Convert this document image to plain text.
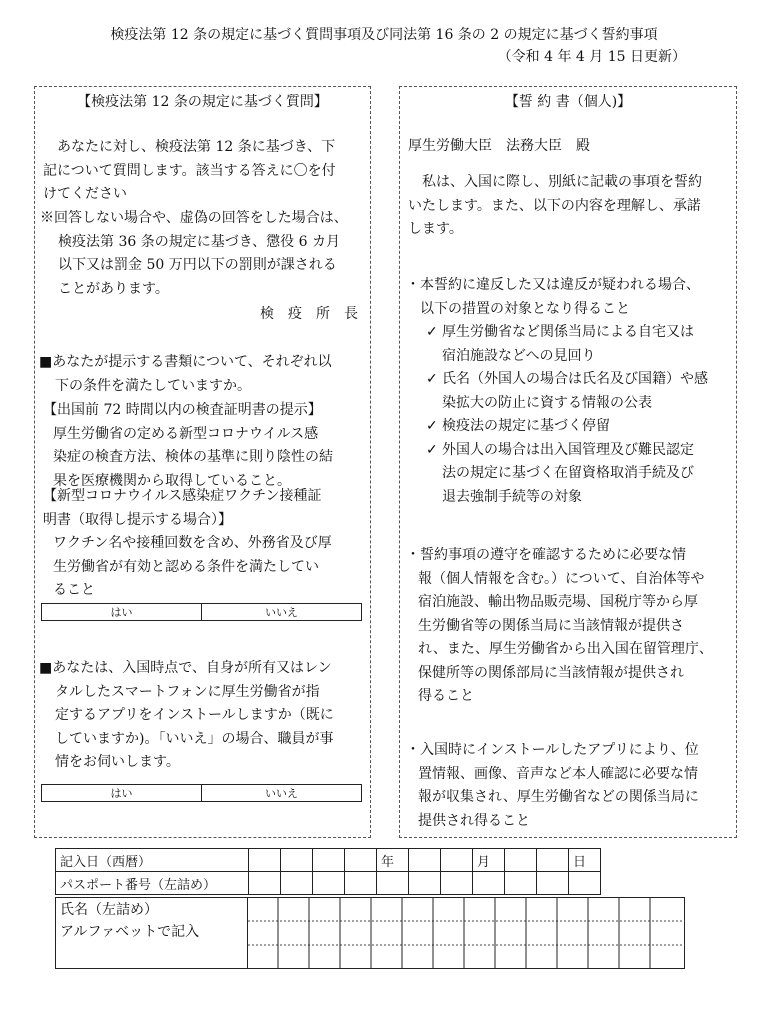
検疫法第 12 条の規定に基づく質問事項及び同法第 16 条の 2 の規定に基づく誓約事項
（令和 4 年 4 月 15 日更新）
【検疫法第 12 条の規定に基づく質問】
あなたに対し、検疫法第 12 条に基づき、下
記について質問します。該当する答えに〇を付
けてください
※回答しない場合や、虚偽の回答をした場合は、
検疫法第 36 条の規定に基づき、懲役 6 カ月
以下又は罰金 50 万円以下の罰則が課される
ことがあります。
検　疫　所　長
■あなたが提示する書類について、それぞれ以
下の条件を満たしていますか。
【出国前 72 時間以内の検査証明書の提示】
厚生労働省の定める新型コロナウイルス感
染症の検査方法、検体の基準に則り陰性の結
果を医療機関から取得していること。
【新型コロナウイルス感染症ワクチン接種証
明書（取得し提示する場合）】
ワクチン名や接種回数を含め、外務省及び厚
生労働省が有効と認める条件を満たしてい
ること
はい	いいえ
■あなたは、入国時点で、自身が所有又はレン
タルしたスマートフォンに厚生労働省が指
定するアプリをインストールしますか（既に
していますか)。「いいえ」の場合、職員が事
情をお伺いします。
はい	いいえ
【誓 約 書（個人)】
厚生労働大臣　法務大臣　殿
私は、入国に際し、別紙に記載の事項を誓約
いたします。また、以下の内容を理解し、承諾
します。
・本誓約に違反した又は違反が疑われる場合、
以下の措置の対象となり得ること
✓ 厚生労働省など関係当局による自宅又は
宿泊施設などへの見回り
✓ 氏名（外国人の場合は氏名及び国籍）や感
染拡大の防止に資する情報の公表
✓ 検疫法の規定に基づく停留
✓ 外国人の場合は出入国管理及び難民認定
法の規定に基づく在留資格取消手続及び
退去強制手続等の対象
・誓約事項の遵守を確認するために必要な情
報（個人情報を含む。）について、自治体等や
宿泊施設、輸出物品販売場、国税庁等から厚
生労働省等の関係当局に当該情報が提供さ
れ、また、厚生労働省から出入国在留管理庁、
保健所等の関係部局に当該情報が提供され
得ること
・入国時にインストールしたアプリにより、位
置情報、画像、音声など本人確認に必要な情
報が収集され、厚生労働省などの関係当局に
提供され得ること
記入日（西暦）					年			月			日
パスポート番号（左詰め）											
氏名（左詰め）
アルファベットで記入
